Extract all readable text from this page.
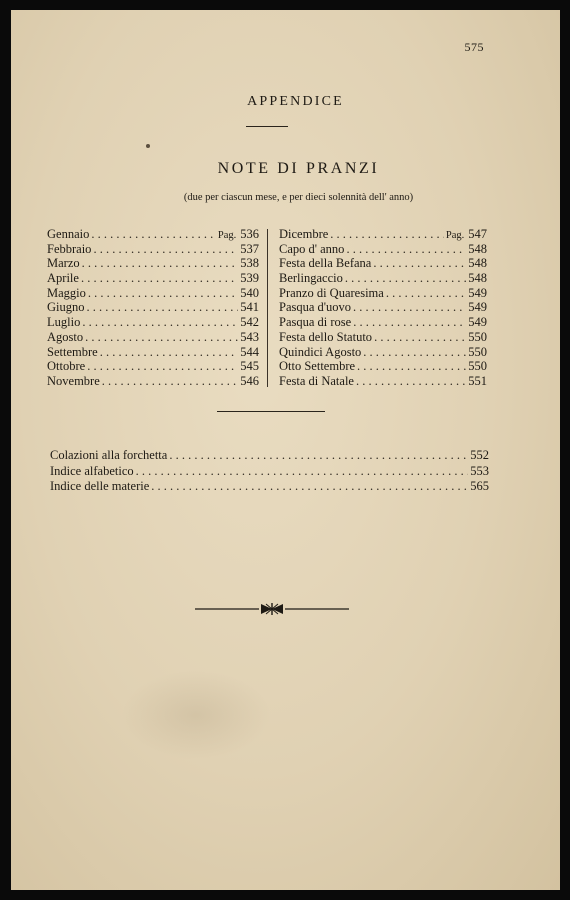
575
APPENDICE
NOTE DI PRANZI
(due per ciascun mese, e per dieci solennità dell' anno)
Gennaio . . .	Pag. 536
Febbraio . . .	537
Marzo . . .	538
Aprile . . .	539
Maggio . . .	540
Giugno . . .	541
Luglio . . .	542
Agosto . . .	543
Settembre . . .	544
Ottobre . . .	545
Novembre . . .	546
Dicembre . . .	Pag. 547
Capo d' anno . . .	548
Festa della Befana . . .	548
Berlingaccio . . .	548
Pranzo di Quaresima . . .	549
Pasqua d'uovo . . .	549
Pasqua di rose . . .	549
Festa dello Statuto . . .	550
Quindici Agosto . . .	550
Otto Settembre . . .	550
Festa di Natale . . .	551
Colazioni alla forchetta . . .	552
Indice alfabetico . . .	553
Indice delle materie . . .	565
